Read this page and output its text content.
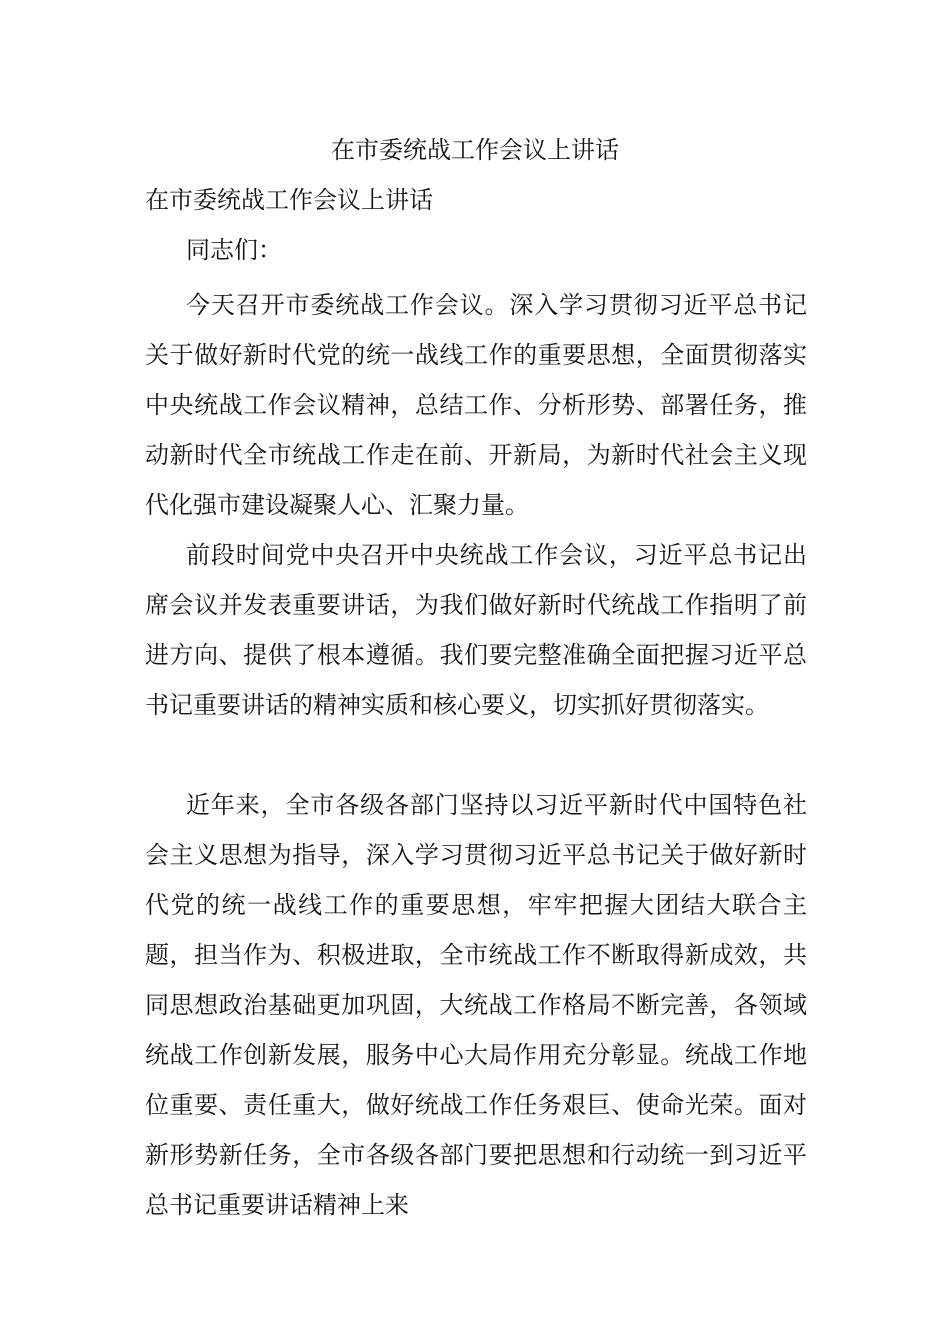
在市委统战工作会议上讲话
在市委统战工作会议上讲话

同志们：

今天召开市委统战工作会议。深入学习贯彻习近平总书记关于做好新时代党的统一战线工作的重要思想，全面贯彻落实中央统战工作会议精神，总结工作、分析形势、部署任务，推动新时代全市统战工作走在前、开新局，为新时代社会主义现代化强市建设凝聚人心、汇聚力量。

前段时间党中央召开中央统战工作会议，习近平总书记出席会议并发表重要讲话，为我们做好新时代统战工作指明了前进方向、提供了根本遵循。我们要完整准确全面把握习近平总书记重要讲话的精神实质和核心要义，切实抓好贯彻落实。

近年来，全市各级各部门坚持以习近平新时代中国特色社会主义思想为指导，深入学习贯彻习近平总书记关于做好新时代党的统一战线工作的重要思想，牢牢把握大团结大联合主题，担当作为、积极进取，全市统战工作不断取得新成效，共同思想政治基础更加巩固，大统战工作格局不断完善，各领域统战工作创新发展，服务中心大局作用充分彰显。统战工作地位重要、责任重大，做好统战工作任务艰巨、使命光荣。面对新形势新任务，全市各级各部门要把思想和行动统一到习近平总书记重要讲话精神上来
